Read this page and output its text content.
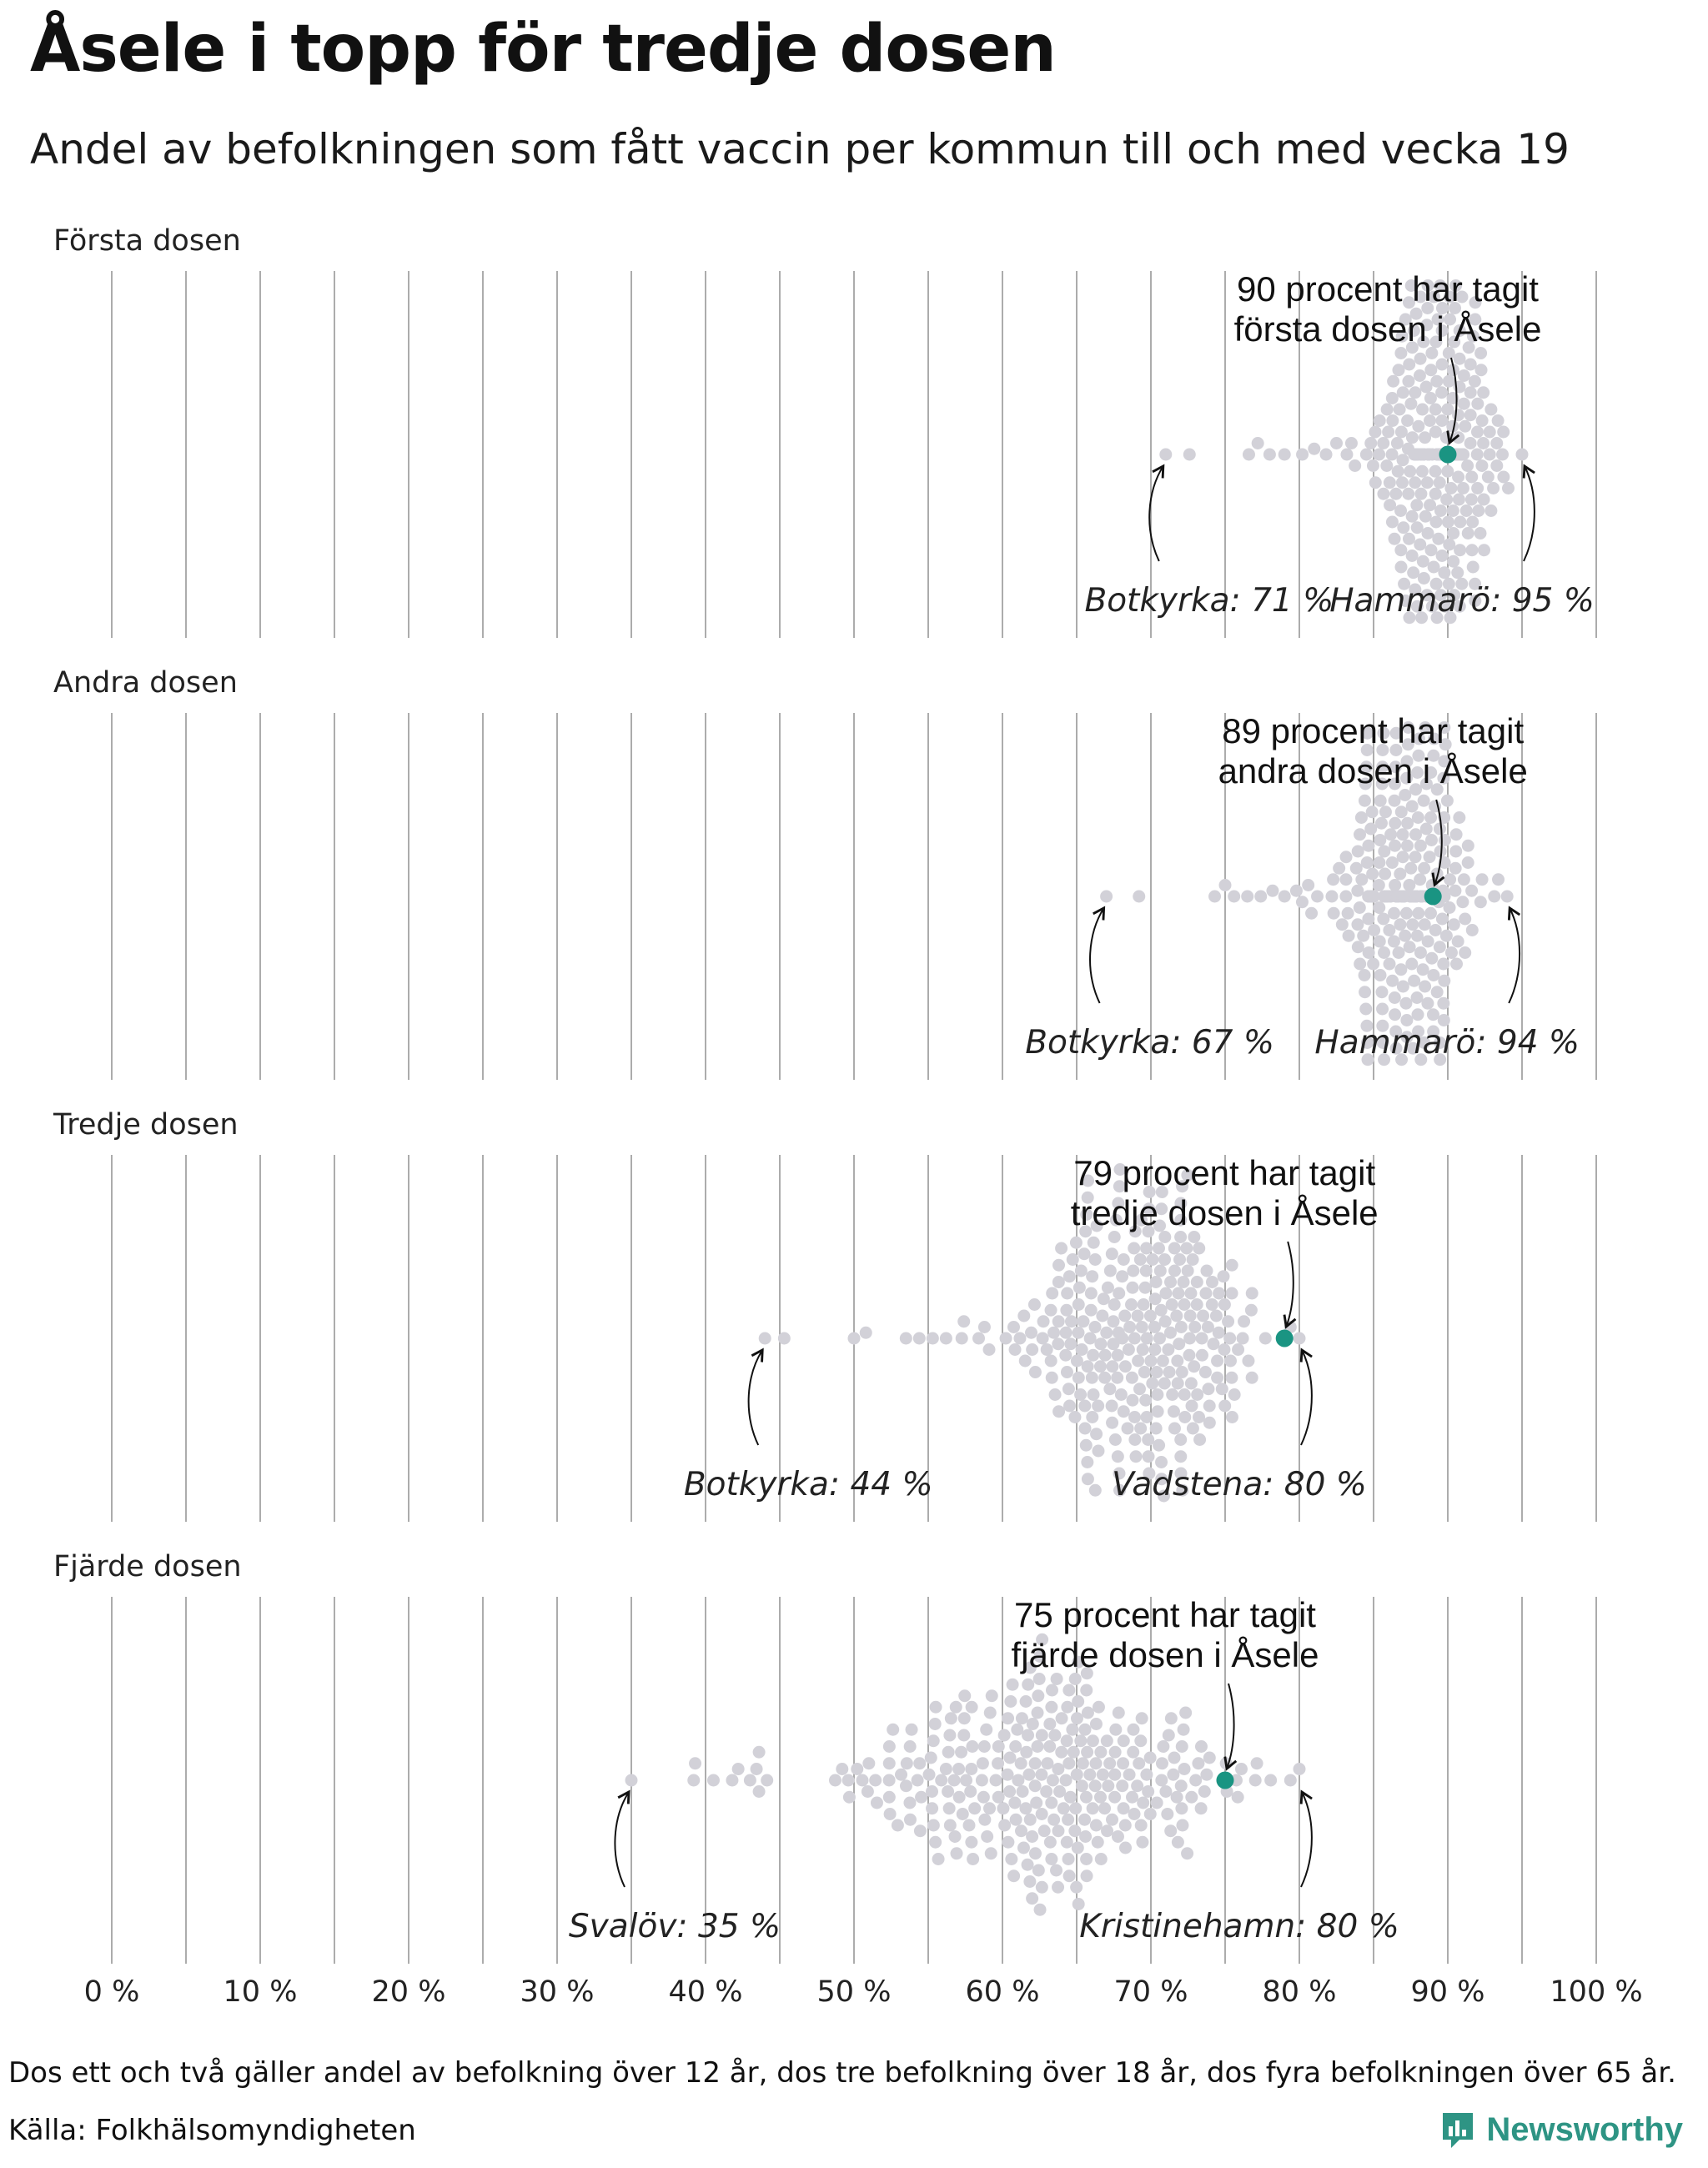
Åsele i topp för tredje dosen
Andel av befolkningen som fått vaccin per kommun till och med vecka 19
Första dosen
90 procent har tagit
första dosen i Åsele
Botkyrka: 71 %
Hammarö: 95 %
Andra dosen
89 procent har tagit
andra dosen i Åsele
Botkyrka: 67 % Hammarö: 94 %
Tredje dosen
79 procent har tagit
tredje dosen i Åsele
Botkyrka: 44 %	Vadstena: 80 %
Fjärde dosen
75 procent har tagit
fjärde dosen i Åsele
Svalöv: 35 %	Kristinehamn: 80 %
0 %	10 %	20 %	30 %	40 %	50 %	60 %	70 %	80 %	90 % 100 %
Dos ett och två gäller andel av befolkning över 12 år, dos tre befolkning över 18 år, dos fyra befolkningen över 65 år.
Källa: Folkhälsomyndigheten	Newsworthy
